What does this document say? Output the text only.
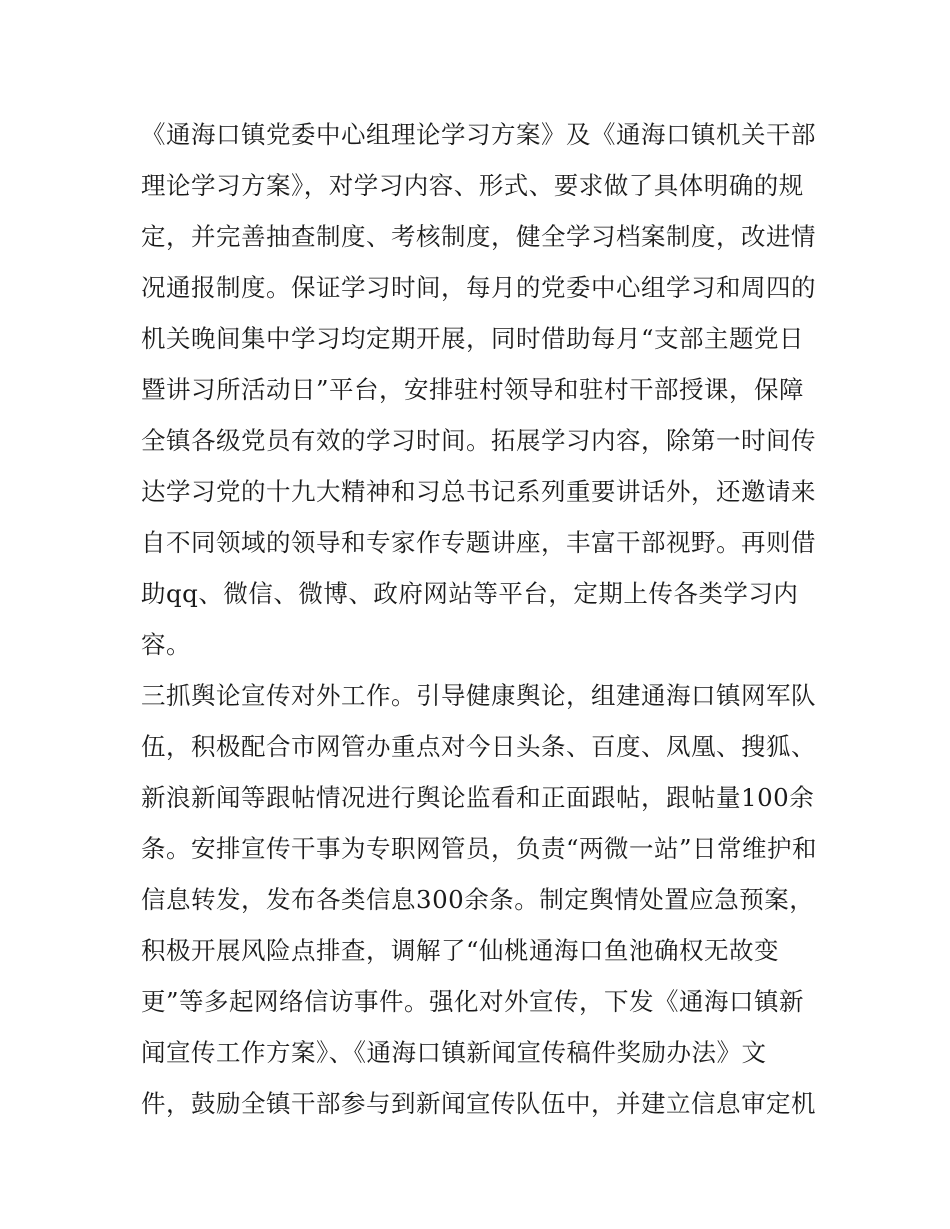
《通海口镇党委中心组理论学习方案》及《通海口镇机关干部
理论学习方案》，对学习内容、形式、要求做了具体明确的规
定，并完善抽查制度、考核制度，健全学习档案制度，改进情
况通报制度。保证学习时间，每月的党委中心组学习和周四的
机关晚间集中学习均定期开展，同时借助每月“支部主题党日
暨讲习所活动日”平台，安排驻村领导和驻村干部授课，保障
全镇各级党员有效的学习时间。拓展学习内容，除第一时间传
达学习党的十九大精神和习总书记系列重要讲话外，还邀请来
自不同领域的领导和专家作专题讲座，丰富干部视野。再则借
助qq、微信、微博、政府网站等平台，定期上传各类学习内
容。
三抓舆论宣传对外工作。引导健康舆论，组建通海口镇网军队
伍，积极配合市网管办重点对今日头条、百度、凤凰、搜狐、
新浪新闻等跟帖情况进行舆论监看和正面跟帖，跟帖量100余
条。安排宣传干事为专职网管员，负责“两微一站”日常维护和
信息转发，发布各类信息300余条。制定舆情处置应急预案，
积极开展风险点排查，调解了“仙桃通海口鱼池确权无故变
更”等多起网络信访事件。强化对外宣传，下发《通海口镇新
闻宣传工作方案》、《通海口镇新闻宣传稿件奖励办法》文
件，鼓励全镇干部参与到新闻宣传队伍中，并建立信息审定机
